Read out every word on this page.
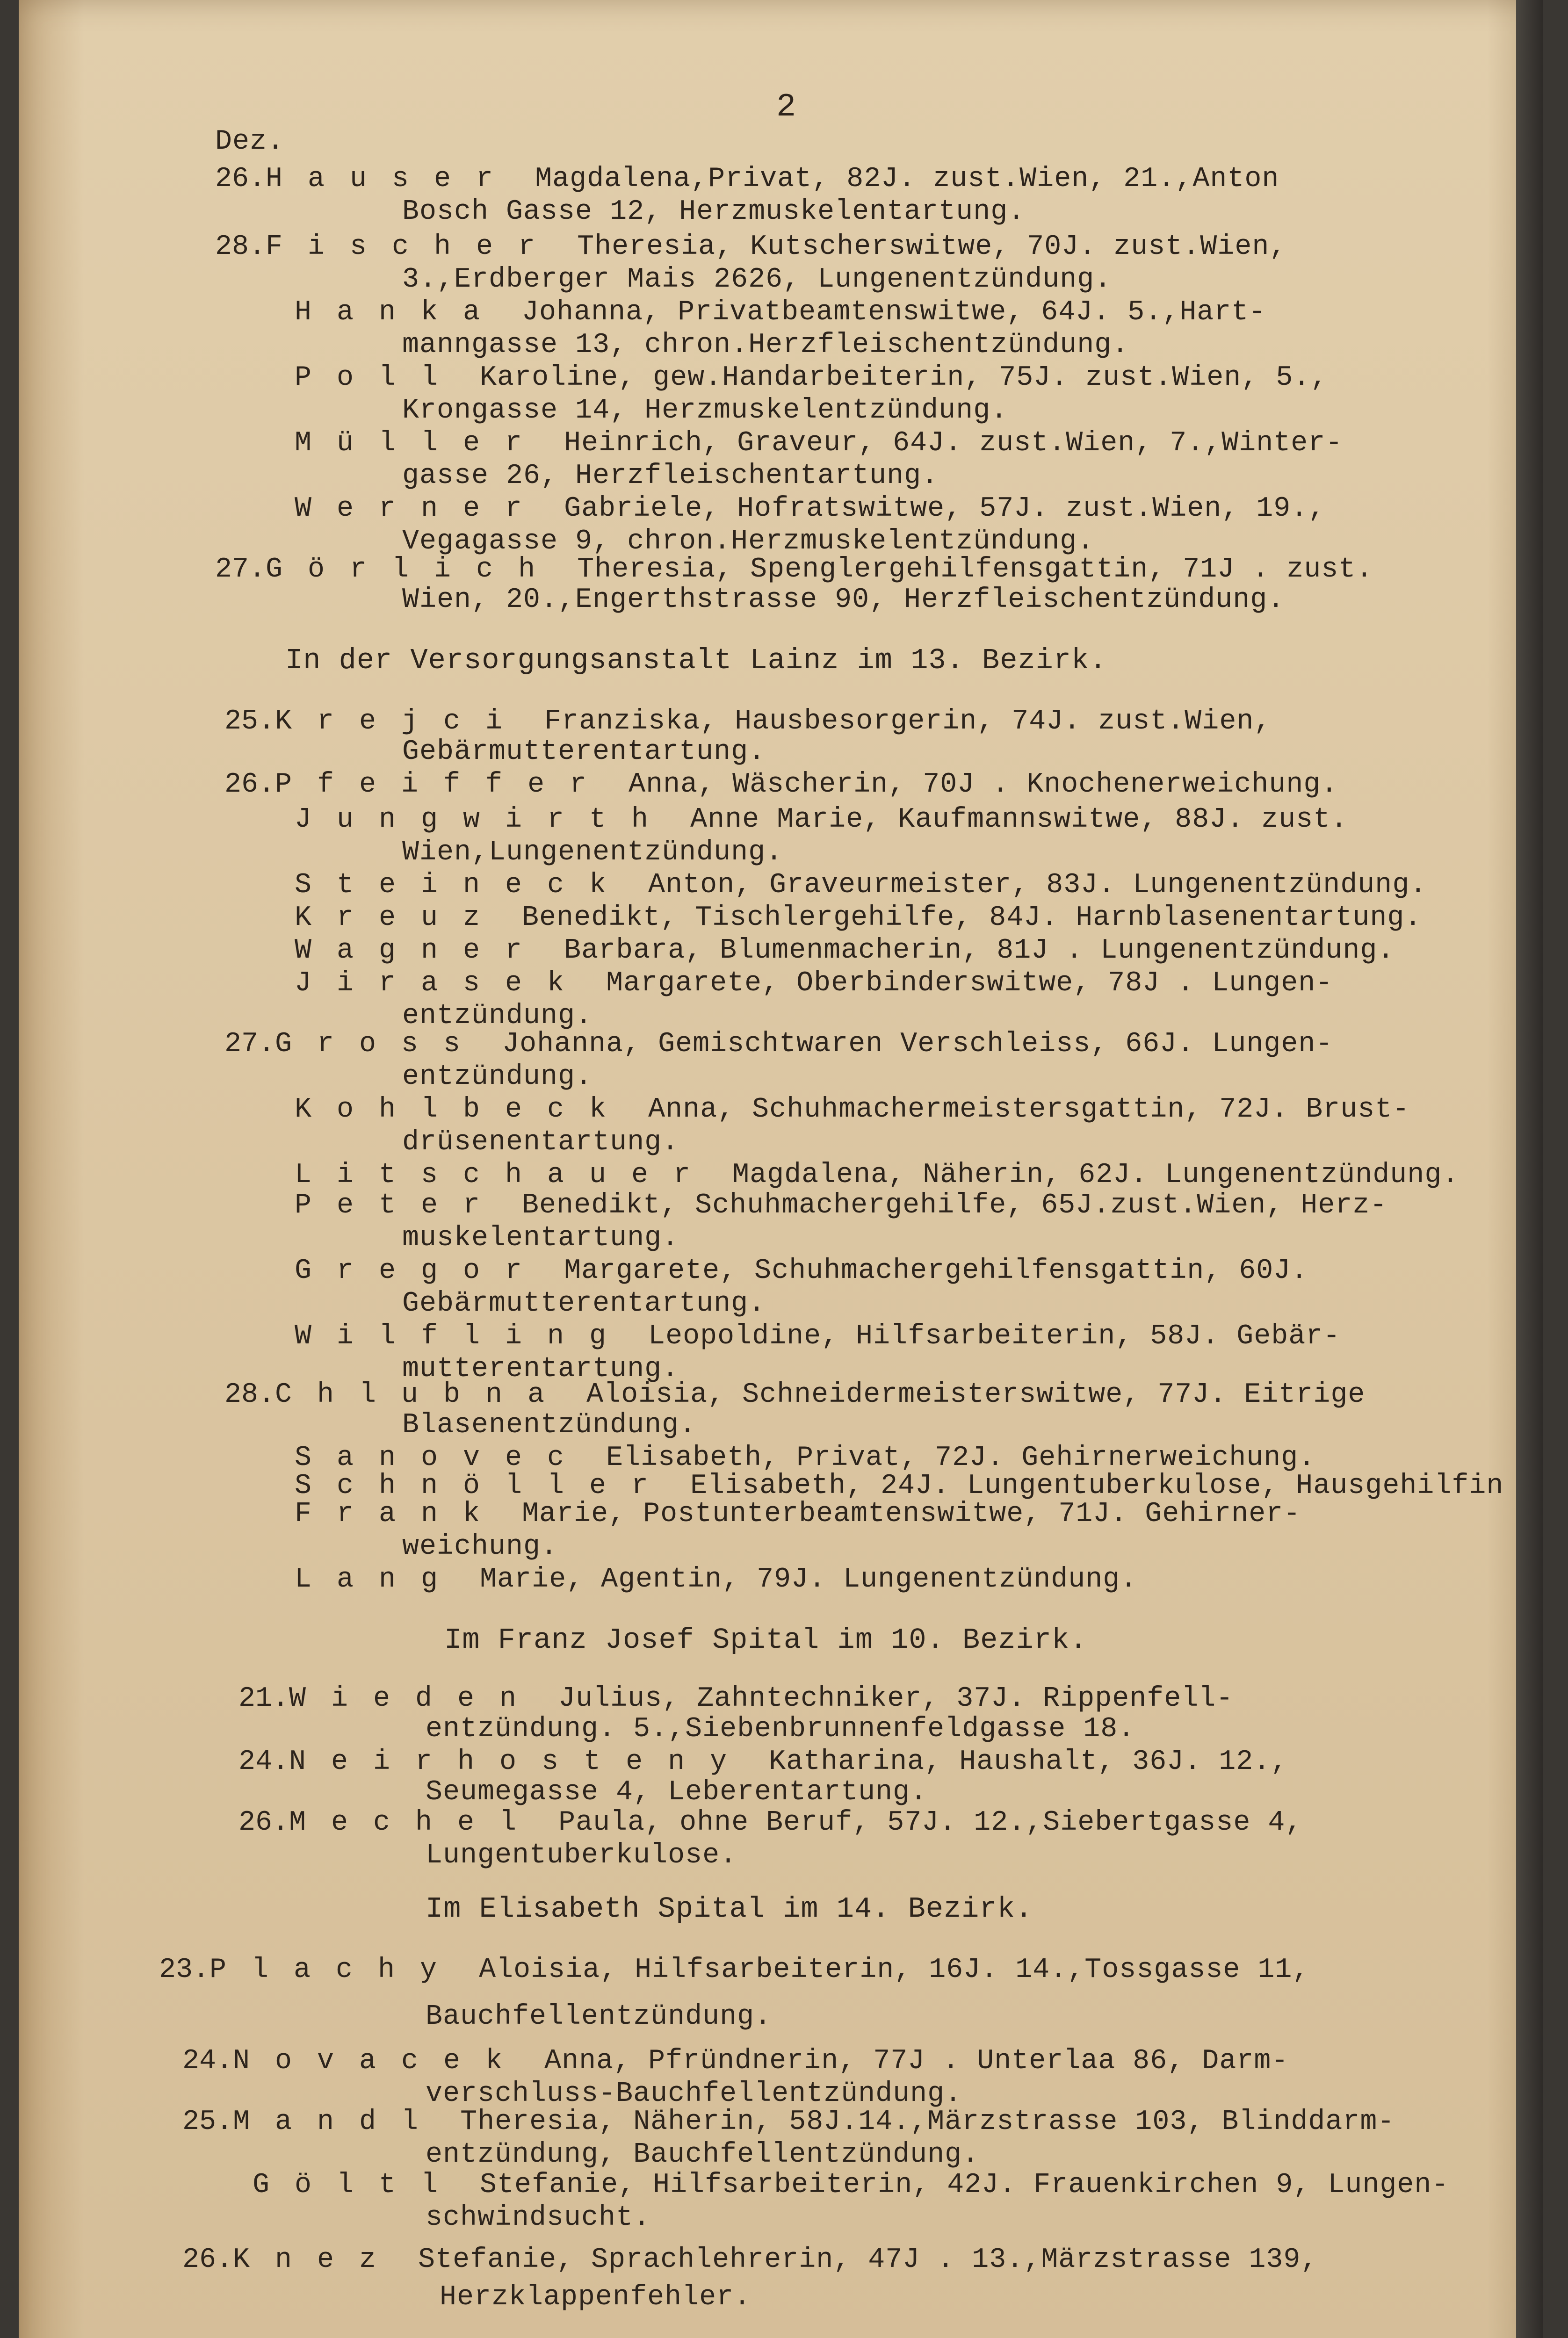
2
Dez.
26.Hauser Magdalena,Privat, 82J. zust.Wien, 21.,Anton
Bosch Gasse 12, Herzmuskelentartung.
28.Fischer Theresia, Kutscherswitwe, 70J. zust.Wien,
3.,Erdberger Mais 2626, Lungenentzündung.
Hanka Johanna, Privatbeamtenswitwe, 64J. 5.,Hart-
manngasse 13, chron.Herzfleischentzündung.
Poll Karoline, gew.Handarbeiterin, 75J. zust.Wien, 5.,
Krongasse 14, Herzmuskelentzündung.
Müller Heinrich, Graveur, 64J. zust.Wien, 7.,Winter-
gasse 26, Herzfleischentartung.
Werner Gabriele, Hofratswitwe, 57J. zust.Wien, 19.,
Vegagasse 9, chron.Herzmuskelentzündung.
27.Görlich Theresia, Spenglergehilfensgattin, 71J . zust.
Wien, 20.,Engerthstrasse 90, Herzfleischentzündung.
In der Versorgungsanstalt Lainz im 13. Bezirk.
25.Krejci Franziska, Hausbesorgerin, 74J. zust.Wien,
Gebärmutterentartung.
26.Pfeiffer Anna, Wäscherin, 70J . Knochenerweichung.
Jungwirth Anne Marie, Kaufmannswitwe, 88J. zust.
Wien,Lungenentzündung.
Steineck Anton, Graveurmeister, 83J. Lungenentzündung.
Kreuz Benedikt, Tischlergehilfe, 84J. Harnblasenentartung.
Wagner Barbara, Blumenmacherin, 81J . Lungenentzündung.
Jirasek Margarete, Oberbinderswitwe, 78J . Lungen-
entzündung.
27.Gross Johanna, Gemischtwaren Verschleiss, 66J. Lungen-
entzündung.
Kohlbeck Anna, Schuhmachermeistersgattin, 72J. Brust-
drüsenentartung.
Litschauer Magdalena, Näherin, 62J. Lungenentzündung.
Peter Benedikt, Schuhmachergehilfe, 65J.zust.Wien, Herz-
muskelentartung.
Gregor Margarete, Schuhmachergehilfensgattin, 60J.
Gebärmutterentartung.
Wilfling Leopoldine, Hilfsarbeiterin, 58J. Gebär-
mutterentartung.
28.Chlubna Aloisia, Schneidermeisterswitwe, 77J. Eitrige
Blasenentzündung.
Sanovec Elisabeth, Privat, 72J. Gehirnerweichung.
Schnöller Elisabeth, 24J. Lungentuberkulose, Hausgehilfin
Frank Marie, Postunterbeamtenswitwe, 71J. Gehirner-
weichung.
Lang Marie, Agentin, 79J. Lungenentzündung.
Im Franz Josef Spital im 10. Bezirk.
21.Wieden Julius, Zahntechniker, 37J. Rippenfell-
entzündung. 5.,Siebenbrunnenfeldgasse 18.
24.Neirhosteny Katharina, Haushalt, 36J. 12.,
Seumegasse 4, Leberentartung.
26.Mechel Paula, ohne Beruf, 57J. 12.,Siebertgasse 4,
Lungentuberkulose.
Im Elisabeth Spital im 14. Bezirk.
23.Plachy Aloisia, Hilfsarbeiterin, 16J. 14.,Tossgasse 11,
Bauchfellentzündung.
24.Novacek Anna, Pfründnerin, 77J . Unterlaa 86, Darm-
verschluss-Bauchfellentzündung.
25.Mandl Theresia, Näherin, 58J.14.,Märzstrasse 103, Blinddarm-
entzündung, Bauchfellentzündung.
Göltl Stefanie, Hilfsarbeiterin, 42J. Frauenkirchen 9, Lungen-
schwindsucht.
26.Knez Stefanie, Sprachlehrerin, 47J . 13.,Märzstrasse 139,
Herzklappenfehler.
